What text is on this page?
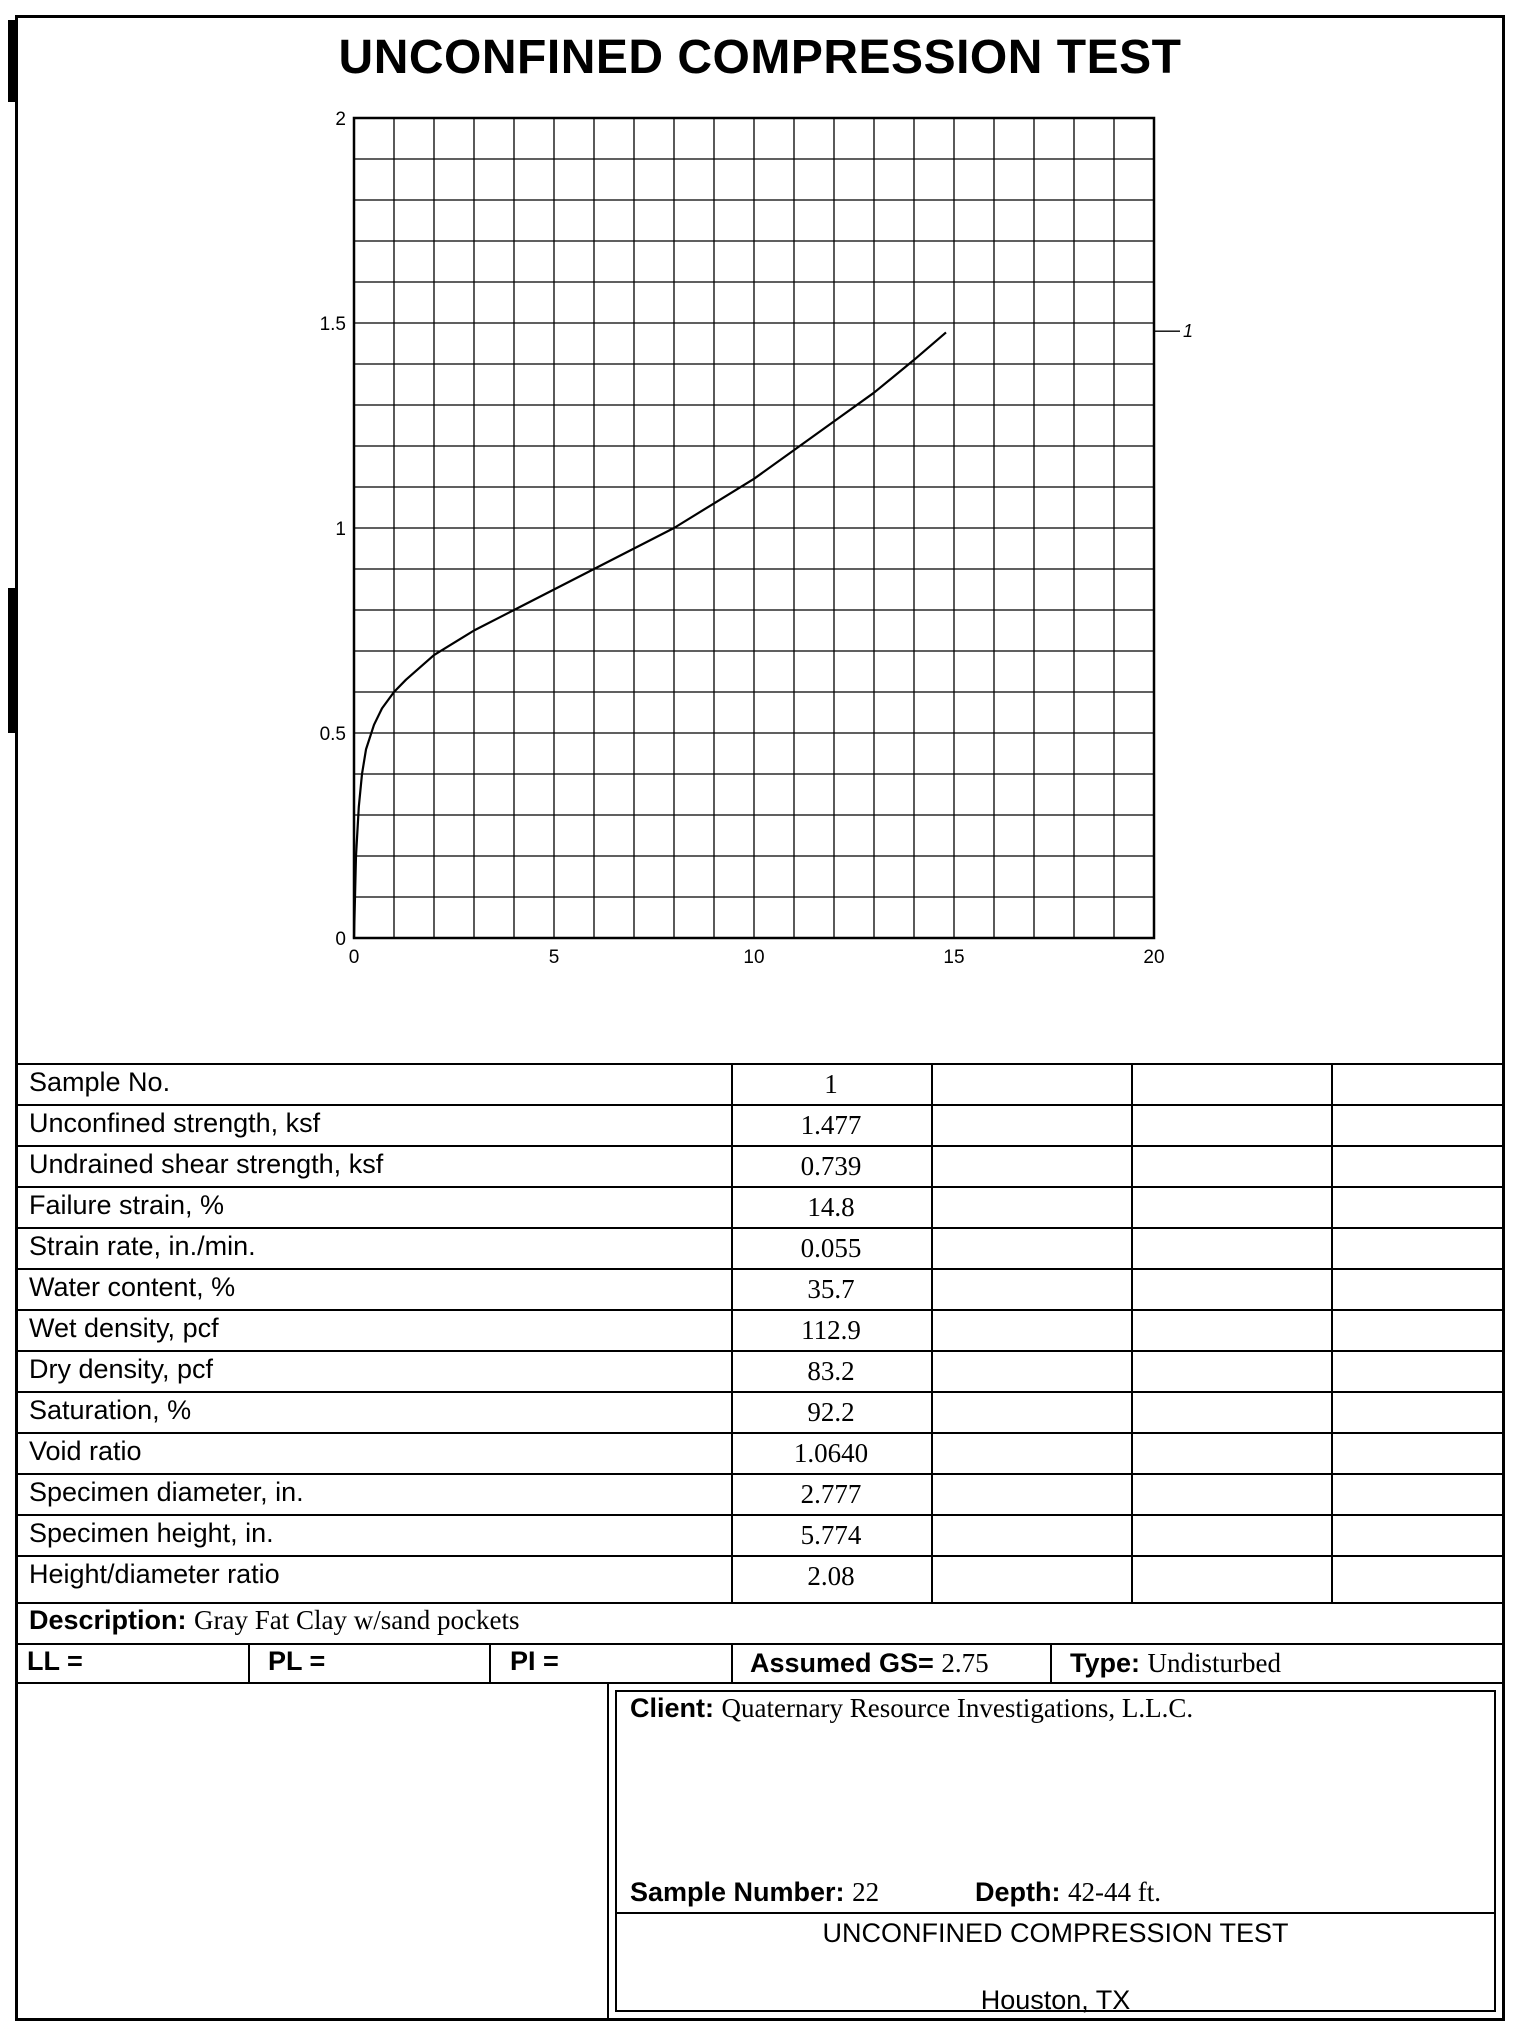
UNCONFINED COMPRESSION TEST
0	5	10	15	20
0
0.5
1
1.5
2
1
Sample No.	1
Unconfined strength, ksf	1.477
Undrained shear strength, ksf	0.739
Failure strain, %	14.8
Strain rate, in./min.	0.055
Water content, %	35.7
Wet density, pcf	112.9
Dry density, pcf	83.2
Saturation, %	92.2
Void ratio	1.0640
Specimen diameter, in.	2.777
Specimen height, in.	5.774
Height/diameter ratio	2.08
Description: Gray Fat Clay w/sand pockets
LL =	PL =	PI =	Assumed GS= 2.75	Type: Undisturbed
Client: Quaternary Resource Investigations, L.L.C.
Sample Number: 22	Depth: 42-44 ft.
UNCONFINED COMPRESSION TEST
Houston, TX
